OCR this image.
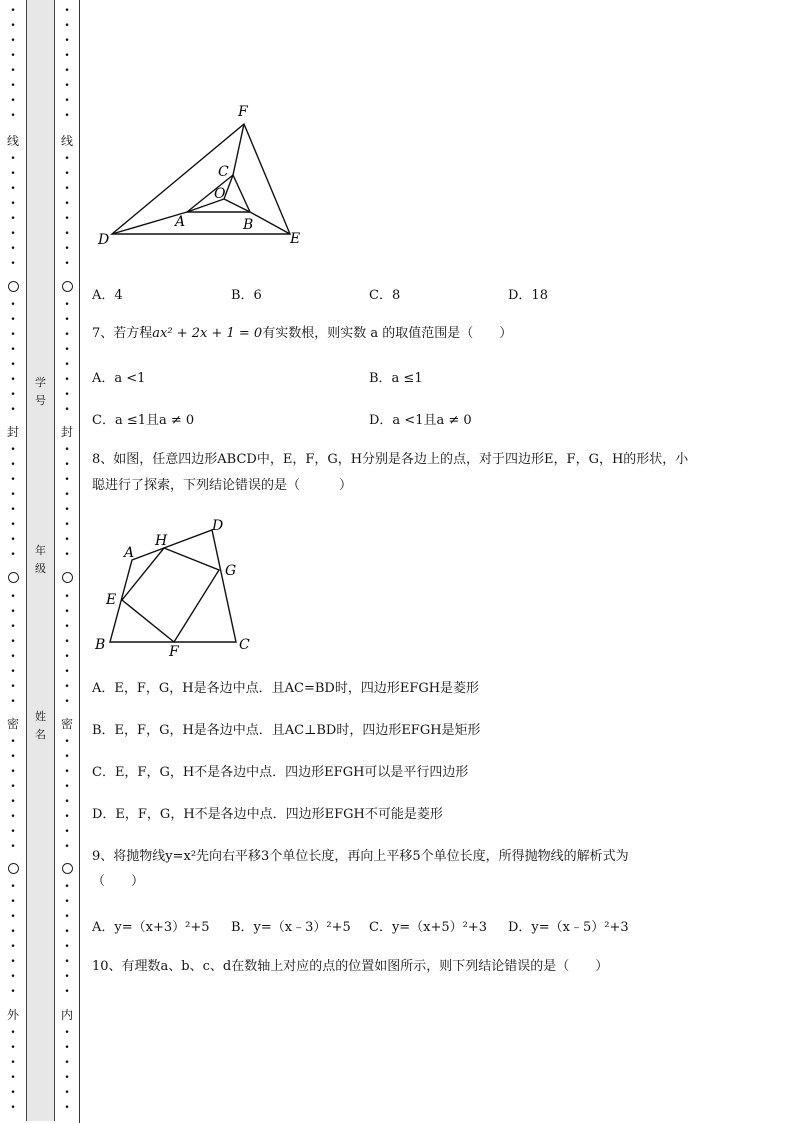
•
•
•
•
•
•
•
•
线
•
•
•
•
•
•
•
•
•
•
•
•
•
•
•
•
封
•
•
•
•
•
•
•
•
•
•
•
•
•
•
•
•
密
•
•
•
•
•
•
•
•
•
•
•
•
•
•
•
•
外
•
•
•
•
•
•
学号
年级
姓名
•
•
•
•
•
•
•
•
线
•
•
•
•
•
•
•
•
•
•
•
•
•
•
•
•
封
•
•
•
•
•
•
•
•
•
•
•
•
•
•
•
•
密
•
•
•
•
•
•
•
•
•
•
•
•
•
•
•
•
内
•
•
•
•
•
•
F
C
O
A	B
D	E
A．4	B．6	C．8	D．18
7、若方程ax² + 2x + 1 = 0有实数根，则实数 a 的取值范围是（　　）
A．a <1	B．a ≤1
C．a ≤1且a ≠ 0	D．a <1且a ≠ 0
8、如图，任意四边形ABCD中，E，F，G，H分别是各边上的点，对于四边形E，F，G，H的形状，小
聪进行了探索，下列结论错误的是（　　　）
A
H
D
G
E
B	F	C
A．E，F，G，H是各边中点．且AC=BD时，四边形EFGH是菱形
B．E，F，G，H是各边中点．且AC⊥BD时，四边形EFGH是矩形
C．E，F，G，H不是各边中点．四边形EFGH可以是平行四边形
D．E，F，G，H不是各边中点．四边形EFGH不可能是菱形
9、将抛物线y=x²先向右平移3个单位长度，再向上平移5个单位长度，所得抛物线的解析式为
（　　）
A．y=（x+3）²+5 B．y=（x﹣3）²+5 C．y=（x+5）²+3 D．y=（x﹣5）²+3
10、有理数a、b、c、d在数轴上对应的点的位置如图所示，则下列结论错误的是（　　）
